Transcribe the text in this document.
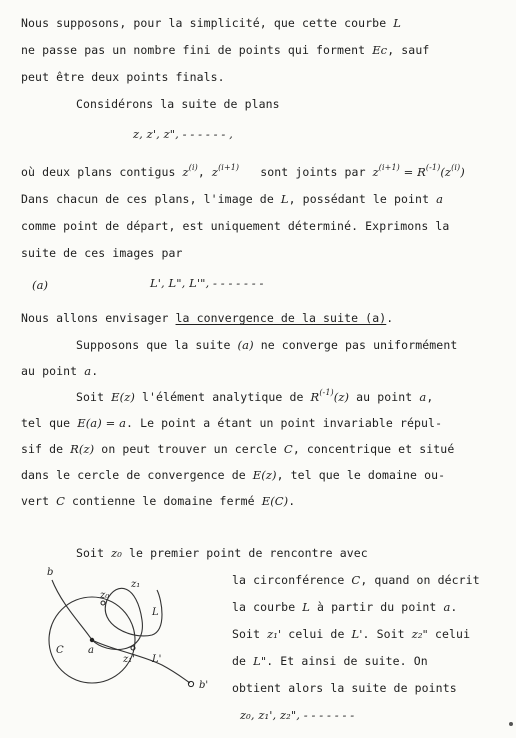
Nous supposons, pour la simplicité, que cette courbe L
ne passe pas un nombre fini de points qui forment Ec, sauf
peut être deux points finals.
Considérons la suite de plans
z, z', z", - - - - - - ,
où deux plans contigus $z^{(i)}$, $z^{(i+1)}$ sont joints par $z^{(i+1)} = R^{(-1)}(z^{(i)})$
Dans chacun de ces plans, l'image de L, possédant le point a
comme point de départ, est uniquement déterminé. Exprimons la
suite de ces images par
(a)	L', L", L'", - - - - - - -
Nous allons envisager la convergence de la suite (a).
Supposons que la suite (a) ne converge pas uniformément
au point a.
Soit E(z) l'élément analytique de $R^{(-1)}(z)$ au point a,
tel que E(a) = a. Le point a étant un point invariable répul-
sif de R(z) on peut trouver un cercle C, concentrique et situé
dans le cercle de convergence de E(z), tel que le domaine ou-
vert C contienne le domaine fermé E(C).
Soit z₀ le premier point de rencontre avec
la circonférence C, quand on décrit
la courbe L à partir du point a.
Soit z₁' celui de L'. Soit z₂" celui
de L". Et ainsi de suite. On
obtient alors la suite de points
z₀, z₁', z₂", - - - - - - -
b
z₀
z₁
L
C a
z₁' L'
b'
